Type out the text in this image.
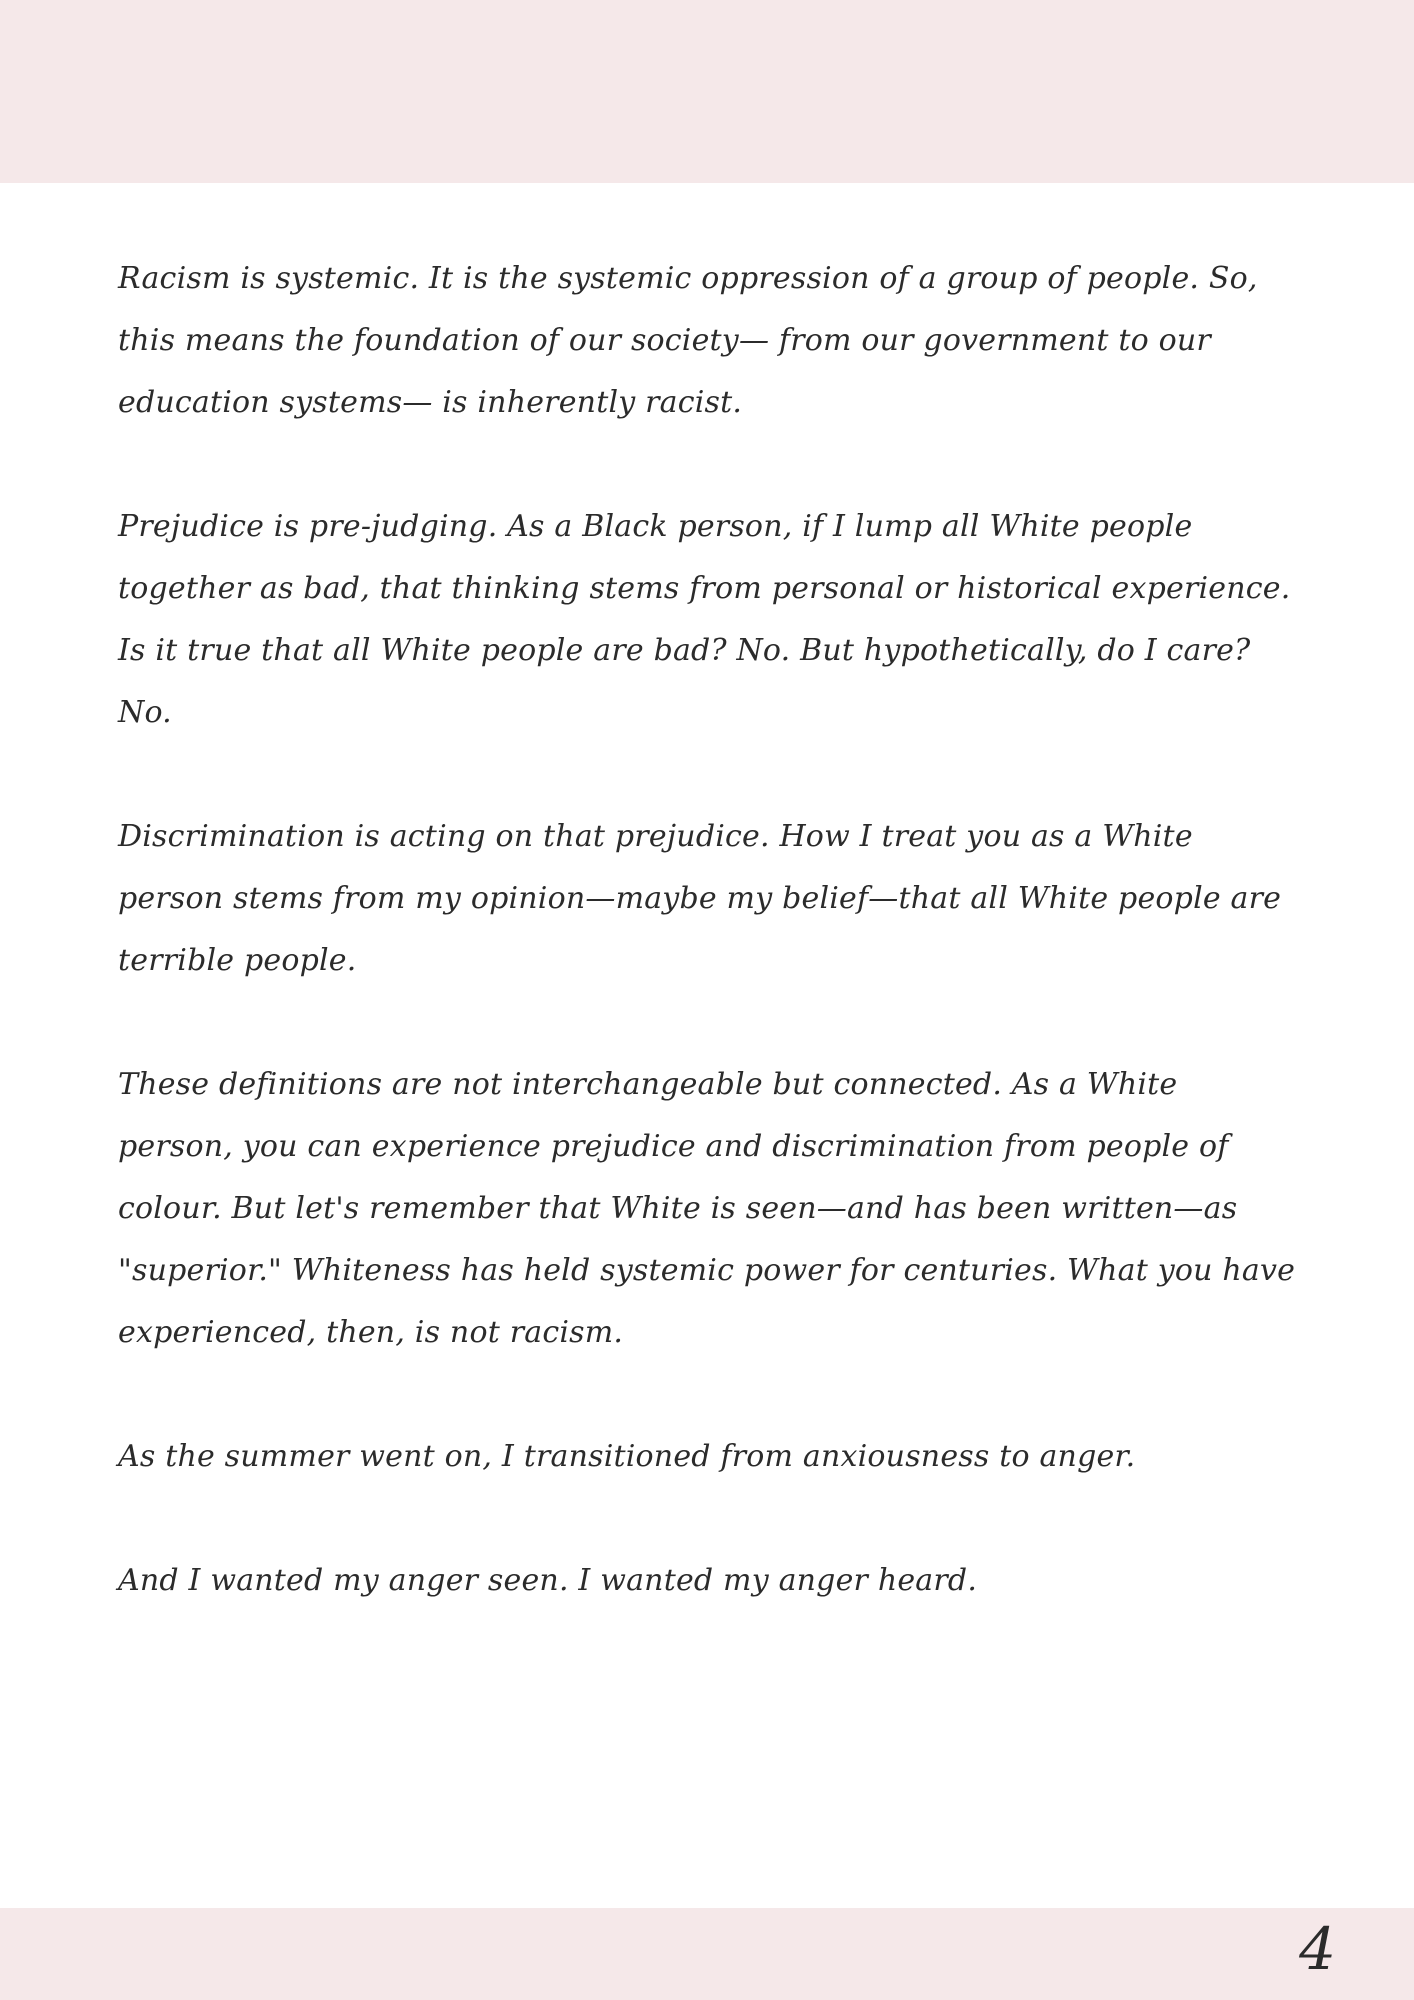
Racism is systemic. It is the systemic oppression of a group of people. So, this means the foundation of our society— from our government to our education systems— is inherently racist.

Prejudice is pre-judging. As a Black person, if I lump all White people together as bad, that thinking stems from personal or historical experience. Is it true that all White people are bad? No. But hypothetically, do I care? No.

Discrimination is acting on that prejudice. How I treat you as a White person stems from my opinion—maybe my belief—that all White people are terrible people.

These definitions are not interchangeable but connected. As a White person, you can experience prejudice and discrimination from people of colour. But let's remember that White is seen—and has been written—as "superior." Whiteness has held systemic power for centuries. What you have experienced, then, is not racism.

As the summer went on, I transitioned from anxiousness to anger.

And I wanted my anger seen. I wanted my anger heard.

4
